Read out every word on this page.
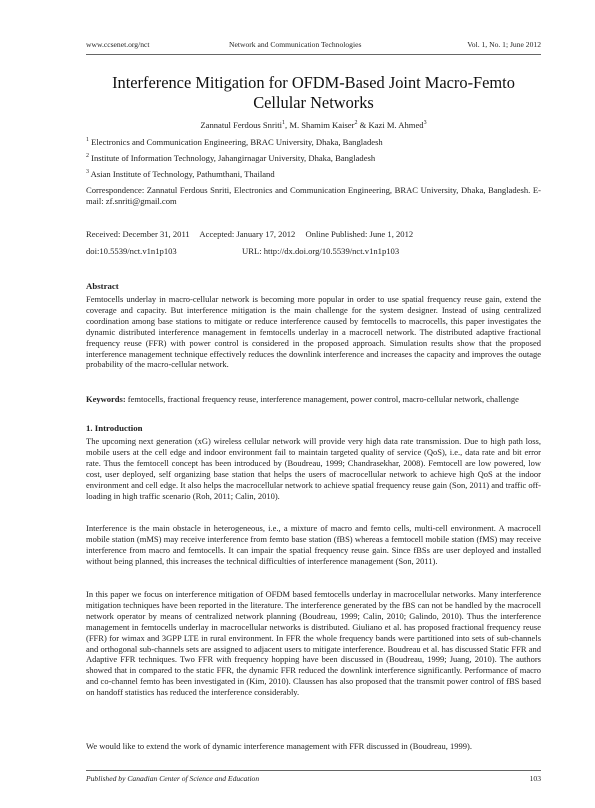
www.ccsenet.org/nct	Network and Communication Technologies	Vol. 1, No. 1; June 2012
Interference Mitigation for OFDM-Based Joint Macro-Femto Cellular Networks
Zannatul Ferdous Snriti$^1$, M. Shamim Kaiser$^2$ & Kazi M. Ahmed$^3$
$^1$ Electronics and Communication Engineering, BRAC University, Dhaka, Bangladesh
$^2$ Institute of Information Technology, Jahangirnagar University, Dhaka, Bangladesh
$^3$ Asian Institute of Technology, Pathumthani, Thailand
Correspondence: Zannatul Ferdous Snriti, Electronics and Communication Engineering, BRAC University, Dhaka, Bangladesh. E-mail: zf.snriti@gmail.com
Received: December 31, 2011 Accepted: January 17, 2012 Online Published: June 1, 2012
doi:10.5539/nct.v1n1p103	URL: http://dx.doi.org/10.5539/nct.v1n1p103
Abstract

Femtocells underlay in macro-cellular network is becoming more popular in order to use spatial frequency reuse gain, extend the coverage and capacity. But interference mitigation is the main challenge for the system designer. Instead of using centralized coordination among base stations to mitigate or reduce interference caused by femtocells to macrocells, this paper investigates the dynamic distributed interference management in femtocells underlay in a macrocell network. The distributed adaptive fractional frequency reuse (FFR) with power control is considered in the proposed approach. Simulation results show that the proposed interference management technique effectively reduces the downlink interference and increases the capacity and improves the outage probability of the macro-cellular network.

Keywords: femtocells, fractional frequency reuse, interference management, power control, macro-cellular network, challenge

1. Introduction

The upcoming next generation (xG) wireless cellular network will provide very high data rate transmission. Due to high path loss, mobile users at the cell edge and indoor environment fail to maintain targeted quality of service (QoS), i.e., data rate and bit error rate. Thus the femtocell concept has been introduced by (Boudreau, 1999; Chandrasekhar, 2008). Femtocell are low powered, low cost, user deployed, self organizing base station that helps the users of macrocellular network to achieve high QoS at the indoor environment and cell edge. It also helps the macrocellular network to achieve spatial frequency reuse gain (Son, 2011) and traffic off-loading in high traffic scenario (Roh, 2011; Calin, 2010).

Interference is the main obstacle in heterogeneous, i.e., a mixture of macro and femto cells, multi-cell environment. A macrocell mobile station (mMS) may receive interference from femto base station (fBS) whereas a femtocell mobile station (fMS) may receive interference from macro and femtocells. It can impair the spatial frequency reuse gain. Since fBSs are user deployed and installed without being planned, this increases the technical difficulties of interference management (Son, 2011).

In this paper we focus on interference mitigation of OFDM based femtocells underlay in macrocellular networks. Many interference mitigation techniques have been reported in the literature. The interference generated by the fBS can not be handled by the macrocell network operator by means of centralized network planning (Boudreau, 1999; Calin, 2010; Galindo, 2010). Thus the interference management in femtocells underlay in macrocellular networks is distributed. Giuliano et al. has proposed fractional frequency reuse (FFR) for wimax and 3GPP LTE in rural environment. In FFR the whole frequency bands were partitioned into sets of sub-channels and orthogonal sub-channels sets are assigned to adjacent users to mitigate interference. Boudreau et al. has discussed Static FFR and Adaptive FFR techniques. Two FFR with frequency hopping have been discussed in (Boudreau, 1999; Juang, 2010). The authors showed that in compared to the static FFR, the dynamic FFR reduced the downlink interference significantly. Performance of macro and co-channel femto has been investigated in (Kim, 2010). Claussen has also proposed that the transmit power control of fBS based on handoff statistics has reduced the interference considerably.

We would like to extend the work of dynamic interference management with FFR discussed in (Boudreau, 1999).

Published by Canadian Center of Science and Education	103
